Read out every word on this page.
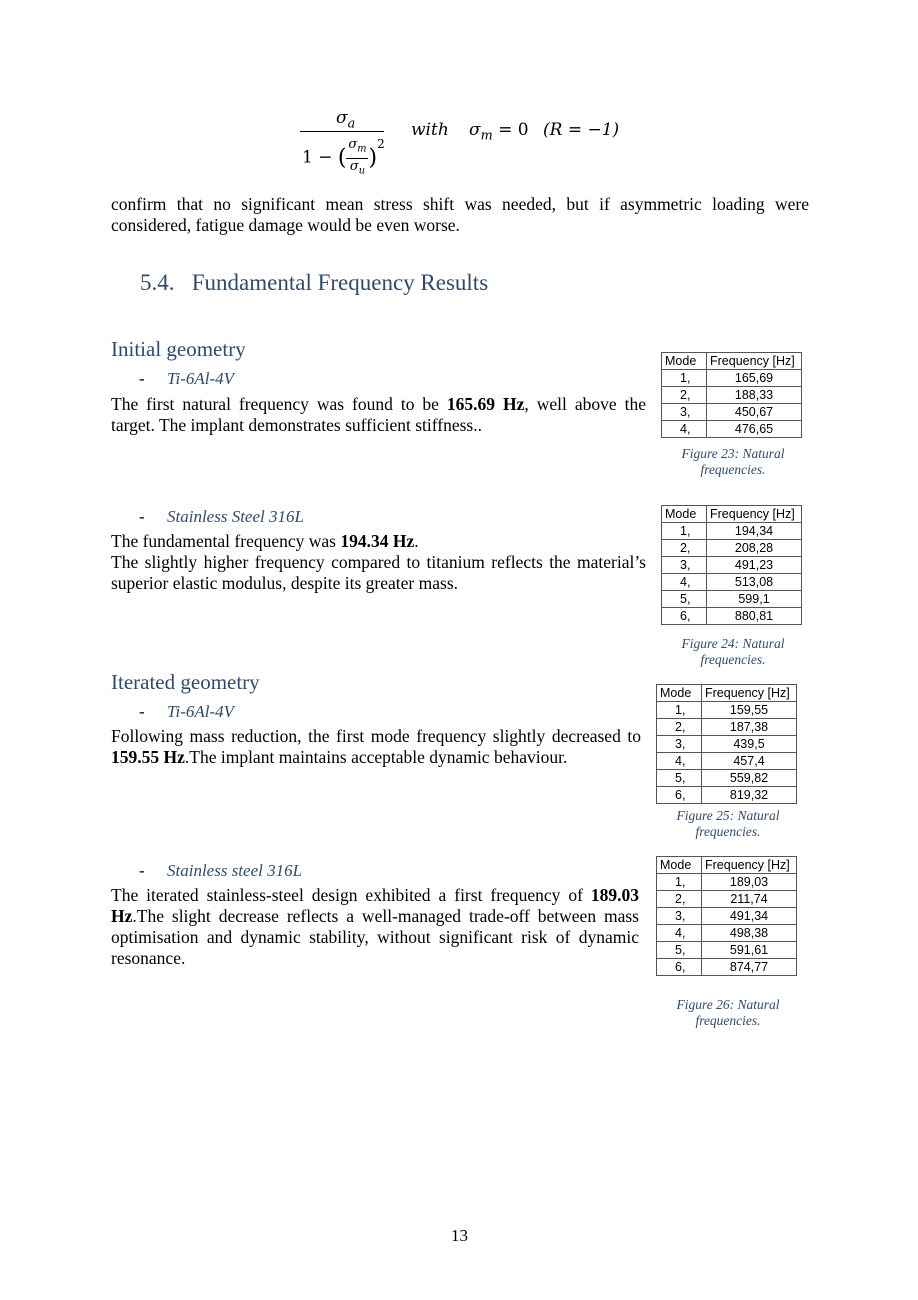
$\sigma_a$
$1 - (\frac{\sigma_m}{\sigma_u})^2$
with $\sigma_m = 0$ (R = −1)
confirm that no significant mean stress shift was needed, but if asymmetric loading were considered, fatigue damage would be even worse.
5.4.   Fundamental Frequency Results
Initial geometry
- Ti-6Al-4V
The first natural frequency was found to be 165.69 Hz, well above the target. The implant demonstrates sufficient stiffness..
- Stainless Steel 316L
The fundamental frequency was 194.34 Hz.
The slightly higher frequency compared to titanium reflects the material’s superior elastic modulus, despite its greater mass.
Iterated geometry
- Ti-6Al-4V
Following mass reduction, the first mode frequency slightly decreased to 159.55 Hz.The implant maintains acceptable dynamic behaviour.
- Stainless steel 316L
The iterated stainless-steel design exhibited a first frequency of 189.03 Hz.The slight decrease reflects a well-managed trade-off between mass optimisation and dynamic stability, without significant risk of dynamic resonance.
Mode	Frequency [Hz]
1,	165,69
2,	188,33
3,	450,67
4,	476,65
Figure 23: Natural
frequencies.
Mode	Frequency [Hz]
1,	194,34
2,	208,28
3,	491,23
4,	513,08
5,	599,1
6,	880,81
Figure 24: Natural
frequencies.
Mode	Frequency [Hz]
1,	159,55
2,	187,38
3,	439,5
4,	457,4
5,	559,82
6,	819,32
Figure 25: Natural
frequencies.
Mode	Frequency [Hz]
1,	189,03
2,	211,74
3,	491,34
4,	498,38
5,	591,61
6,	874,77
Figure 26: Natural
frequencies.
13
